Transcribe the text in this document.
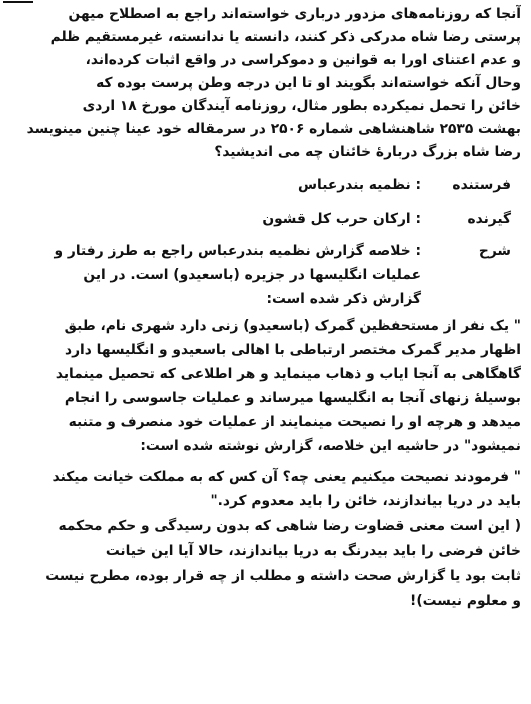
آنجا که روزنامه‌های مزدور درباری خواسته‌اند راجع به اصطلاح میهن
پرستی رضا شاه مدرکی ذکر کنند، دانسته یا ندانسته، غیرمستقیم ظلم
و عدم اعتنای اورا به قوانین و دموکراسی در واقع اثبات کرده‌اند،
وحال آنکه خواسته‌اند بگویند او تا این درجه وطن پرست بوده که
خائن را تحمل نمیکرده بطور مثال، روزنامه آیندگان مورخ ۱۸ اردی
بهشت ۲۵۳۵ شاهنشاهی شماره ۲۵۰۶ در سرمقاله خود عینا چنین مینویسد
رضا شاه بزرگ دربارهٔ خائنان چه می اندیشید؟
فرستنده
: نظمیه بندرعباس
گیرنده
: ارکان حرب کل قشون
شرح
: خلاصه گزارش نظمیه بندرعباس راجع به طرز رفتار و
عملیات انگلیسها در جزیره (باسعیدو) است. در این
گزارش ذکر شده است:
" یک نفر از مستحفظین گمرک (باسعیدو) زنی دارد شهری نام، طبق
اظهار مدیر گمرک مختصر ارتباطی با اهالی باسعیدو و انگلیسها دارد
گاهگاهی به آنجا ایاب و ذهاب مینماید و هر اطلاعی که تحصیل مینماید
بوسیلهٔ زنهای آنجا به انگلیسها میرساند و عملیات جاسوسی را انجام
میدهد و هرچه او را نصیحت مینمایند از عملیات خود منصرف و متنبه
نمیشود" در حاشیه این خلاصه، گزارش نوشته شده است:
" فرمودند نصیحت میکنیم یعنی چه؟ آن کس که به مملکت خیانت میکند
باید در دریا بیاندازند، خائن را باید معدوم کرد."
( این است معنی قضاوت رضا شاهی که بدون رسیدگی و حکم محکمه
خائن فرضی را باید بیدرنگ به دریا بیاندازند، حالا آیا این خیانت
ثابت بود یا گزارش صحت داشته و مطلب از چه قرار بوده، مطرح نیست
و معلوم نیست)!
